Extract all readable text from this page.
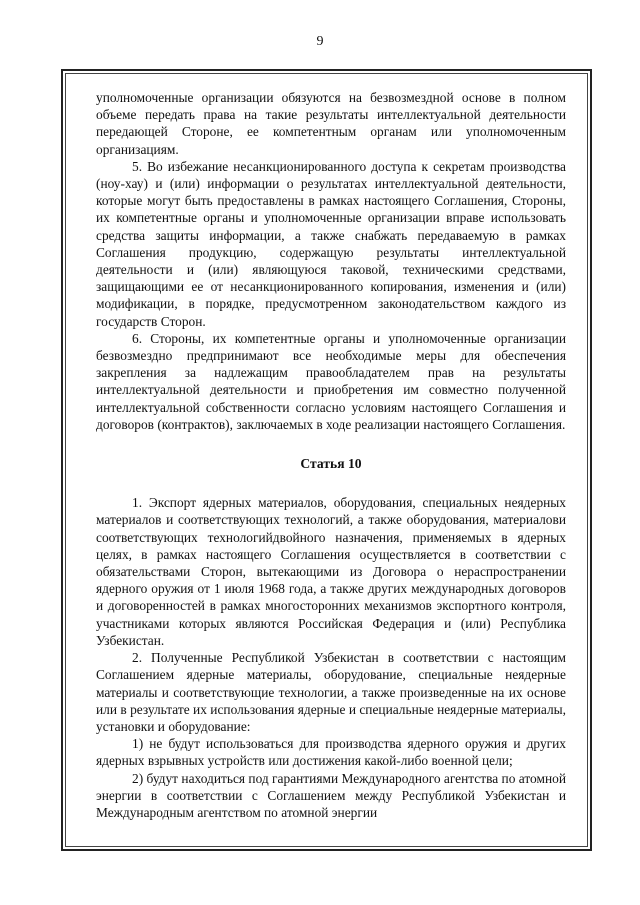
9

уполномоченные организации обязуются на безвозмездной основе в полном объеме передать права на такие результаты интеллектуальной деятельности передающей Стороне, ее компетентным органам или уполномоченным организациям.

5. Во избежание несанкционированного доступа к секретам производства (ноу-хау) и (или) информации о результатах интеллектуальной деятельности, которые могут быть предоставлены в рамках настоящего Соглашения, Стороны, их компетентные органы и уполномоченные организации вправе использовать средства защиты информации, а также снабжать передаваемую в рамках Соглашения продукцию, содержащую результаты интеллектуальной деятельности и (или) являющуюся таковой, техническими средствами, защищающими ее от несанкционированного копирования, изменения и (или) модификации, в порядке, предусмотренном законодательством каждого из государств Сторон.

6. Стороны, их компетентные органы и уполномоченные организации безвозмездно предпринимают все необходимые меры для обеспечения закрепления за надлежащим правообладателем прав на результаты интеллектуальной деятельности и приобретения им совместно полученной интеллектуальной собственности согласно условиям настоящего Соглашения и договоров (контрактов), заключаемых в ходе реализации настоящего Соглашения.

Статья 10

1. Экспорт ядерных материалов, оборудования, специальных неядерных материалов и соответствующих технологий, а также оборудования, материалови соответствующих технологийдвойного назначения, применяемых в ядерных целях, в рамках настоящего Соглашения осуществляется в соответствии с обязательствами Сторон, вытекающими из Договора о нераспространении ядерного оружия от 1 июля 1968 года, а также других международных договоров и договоренностей в рамках многосторонних механизмов экспортного контроля, участниками которых являются Российская Федерация и (или) Республика Узбекистан.

2. Полученные Республикой Узбекистан в соответствии с настоящим Соглашением ядерные материалы, оборудование, специальные неядерные материалы и соответствующие технологии, а также произведенные на их основе или в результате их использования ядерные и специальные неядерные материалы, установки и оборудование:

1) не будут использоваться для производства ядерного оружия и других ядерных взрывных устройств или достижения какой-либо военной цели;

2) будут находиться под гарантиями Международного агентства по атомной энергии в соответствии с Соглашением между Республикой Узбекистан и Международным агентством по атомной энергии
